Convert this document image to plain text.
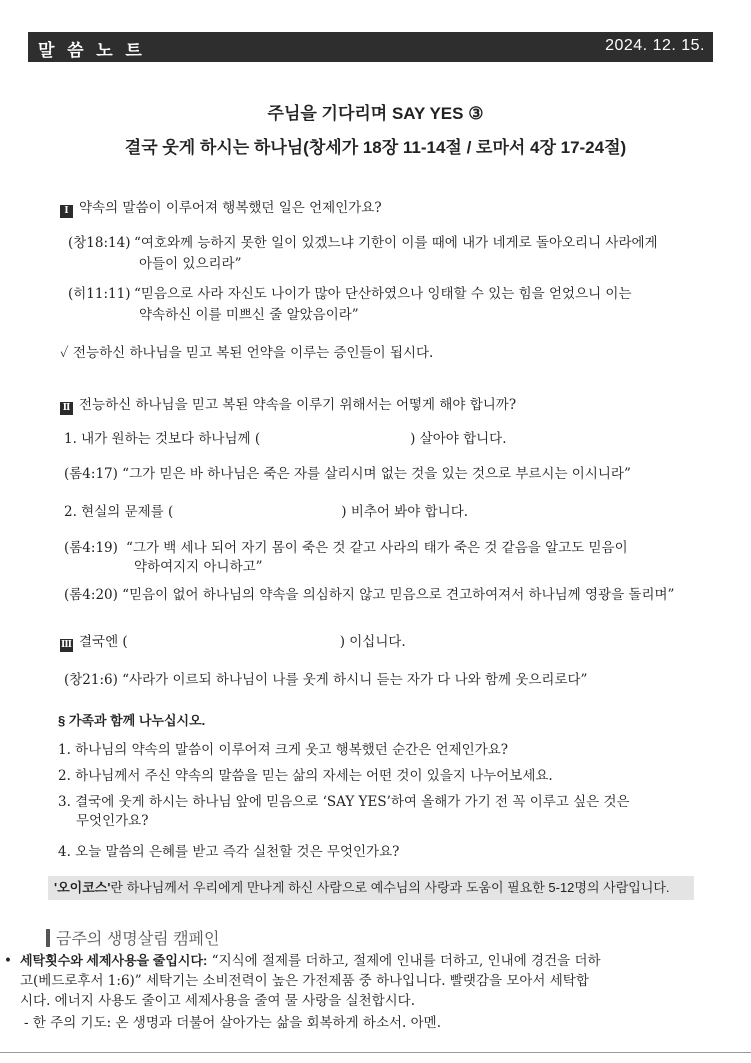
말 씀 노 트	2024. 12. 15.
주님을 기다리며 SAY YES ③
결국 웃게 하시는 하나님(창세가 18장 11-14절 / 로마서 4장 17-24절)
Ⅰ 약속의 말씀이 이루어져 행복했던 일은 언제인가요?
(창18:14) “여호와께 능하지 못한 일이 있겠느냐 기한이 이를 때에 내가 네게로 돌아오리니 사라에게
아들이 있으리라”
(히11:11) “믿음으로 사라 자신도 나이가 많아 단산하였으나 잉태할 수 있는 힘을 얻었으니 이는
약속하신 이를 미쁘신 줄 알았음이라”
✓ 전능하신 하나님을 믿고 복된 언약을 이루는 증인들이 됩시다.
Ⅱ 전능하신 하나님을 믿고 복된 약속을 이루기 위해서는 어떻게 해야 합니까?
1. 내가 원하는 것보다 하나님께 (	) 살아야 합니다.
(롬4:17) “그가 믿은 바 하나님은 죽은 자를 살리시며 없는 것을 있는 것으로 부르시는 이시니라”
2. 현실의 문제를 (	) 비추어 봐야 합니다.
(롬4:19) “그가 백 세나 되어 자기 몸이 죽은 것 같고 사라의 태가 죽은 것 같음을 알고도 믿음이
약하여지지 아니하고”
(롬4:20) “믿음이 없어 하나님의 약속을 의심하지 않고 믿음으로 견고하여져서 하나님께 영광을 돌리며”
Ⅲ 결국엔 (	) 이십니다.
(창21:6) “사라가 이르되 하나님이 나를 웃게 하시니 듣는 자가 다 나와 함께 웃으리로다”
§ 가족과 함께 나누십시오.
1. 하나님의 약속의 말씀이 이루어져 크게 웃고 행복했던 순간은 언제인가요?
2. 하나님께서 주신 약속의 말씀을 믿는 삶의 자세는 어떤 것이 있을지 나누어보세요.
3. 결국에 웃게 하시는 하나님 앞에 믿음으로 ‘SAY YES’하여 올해가 가기 전 꼭 이루고 싶은 것은
무엇인가요?
4. 오늘 말씀의 은혜를 받고 즉각 실천할 것은 무엇인가요?
'오이코스'란 하나님께서 우리에게 만나게 하신 사람으로 예수님의 사랑과 도움이 필요한 5-12명의 사람입니다.
금주의 생명살림 캠페인
• 세탁횟수와 세제사용을 줄입시다: “지식에 절제를 더하고, 절제에 인내를 더하고, 인내에 경건을 더하
고(베드로후서 1:6)” 세탁기는 소비전력이 높은 가전제품 중 하나입니다. 빨랫감을 모아서 세탁합
시다. 에너지 사용도 줄이고 세제사용을 줄여 물 사랑을 실천합시다.
- 한 주의 기도: 온 생명과 더불어 살아가는 삶을 회복하게 하소서. 아멘.
